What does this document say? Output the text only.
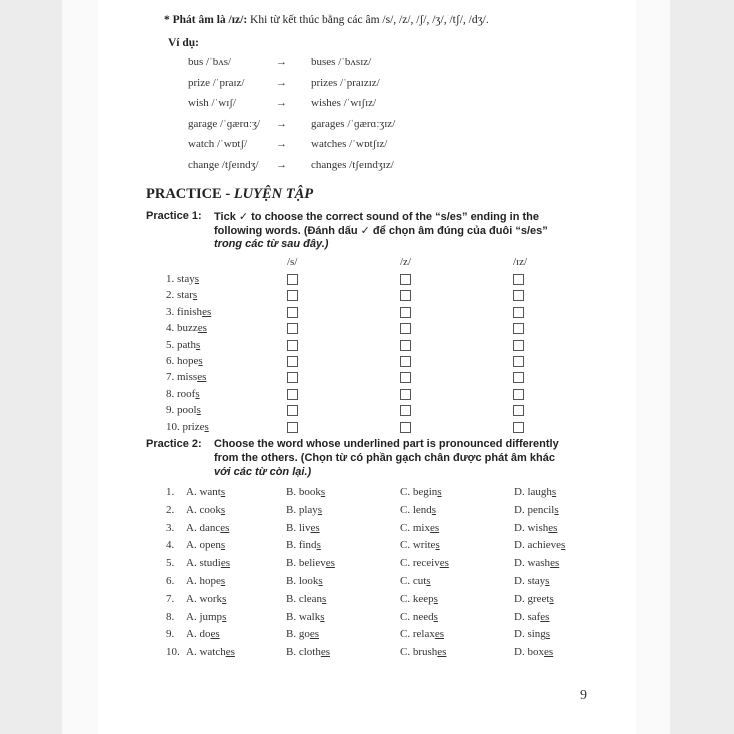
* Phát âm là /ɪz/: Khi từ kết thúc bằng các âm /s/, /z/, /ʃ/, /ʒ/, /tʃ/, /dʒ/.
Ví dụ:
bus /ˈbʌs/	→ buses /ˈbʌsɪz/
prize /ˈpraɪz/	→ prizes /ˈpraɪzɪz/
wish /ˈwɪʃ/	→ wishes /ˈwɪʃɪz/
garage /ˈɡærɑːʒ/ → garages /ˈɡærɑːʒɪz/
watch /ˈwɒtʃ/	→ watches /ˈwɒtʃɪz/
change /tʃeɪndʒ/ → changes /tʃeɪndʒɪz/
PRACTICE - LUYỆN TẬP
Practice 1: Tick ✓ to choose the correct sound of the “s/es” ending in the
following words. (Đánh dấu ✓ để chọn âm đúng của đuôi “s/es”
trong các từ sau đây.)
/s/	/z/	/ɪz/
1. stays
2. stars
3. finishes
4. buzzes
5. paths
6. hopes
7. misses
8. roofs
9. pools
10. prizes
Practice 2: Choose the word whose underlined part is pronounced differently
from the others. (Chọn từ có phần gạch chân được phát âm khác
với các từ còn lại.)
1. A. wants	B. books	C. begins	D. laughs
2. A. cooks	B. plays	C. lends	D. pencils
3. A. dances	B. lives	C. mixes	D. wishes
4. A. opens	B. finds	C. writes	D. achieves
5. A. studies	B. believes	C. receives	D. washes
6. A. hopes	B. looks	C. cuts	D. stays
7. A. works	B. cleans	C. keeps	D. greets
8. A. jumps	B. walks	C. needs	D. safes
9. A. does	B. goes	C. relaxes	D. sings
10. A. watches	B. clothes	C. brushes	D. boxes
9
